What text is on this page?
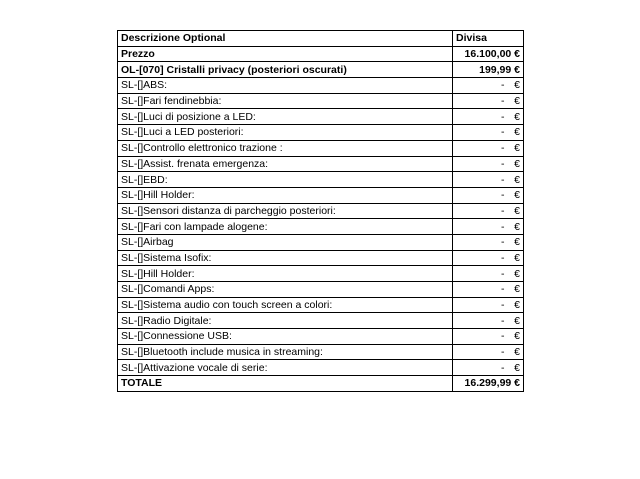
Descrizione Optional	Divisa
Prezzo	16.100,00 €
OL-[070] Cristalli privacy (posteriori oscurati)	199,99 €
SL-[]ABS:	- €

SL-[]Fari fendinebbia:	- €

SL-[]Luci di posizione a LED:	- €

SL-[]Luci a LED posteriori:	- €

SL-[]Controllo elettronico trazione :	- €

SL-[]Assist. frenata emergenza:	- €

SL-[]EBD:	- €

SL-[]Hill Holder:	- €

SL-[]Sensori distanza di parcheggio posteriori:	- €

SL-[]Fari con lampade alogene:	- €

SL-[]Airbag	- €

SL-[]Sistema Isofix:	- €

SL-[]Hill Holder:	- €

SL-[]Comandi Apps:	- €

SL-[]Sistema audio con touch screen a colori:	- €

SL-[]Radio Digitale:	- €

SL-[]Connessione USB:	- €

SL-[]Bluetooth include musica in streaming:	- €

SL-[]Attivazione vocale di serie:	- €

TOTALE	16.299,99 €
